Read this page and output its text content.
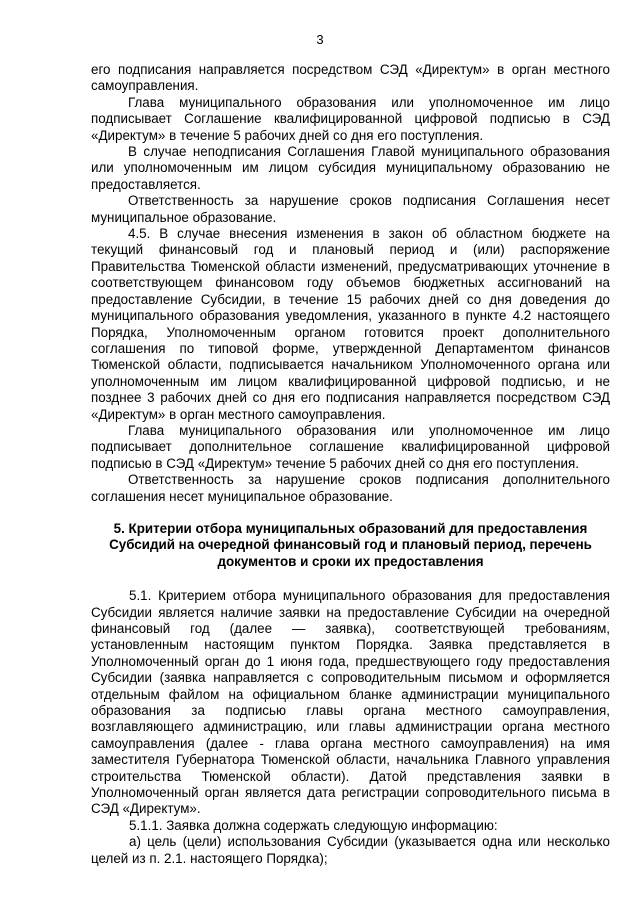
3

его подписания направляется посредством СЭД «Директум» в орган местного самоуправления.

Глава муниципального образования или уполномоченное им лицо подписывает Соглашение квалифицированной цифровой подписью в СЭД «Директум» в течение 5 рабочих дней со дня его поступления.

В случае неподписания Соглашения Главой муниципального образования или уполномоченным им лицом субсидия муниципальному образованию не предоставляется.

Ответственность за нарушение сроков подписания Соглашения несет муниципальное образование.

4.5. В случае внесения изменения в закон об областном бюджете на текущий финансовый год и плановый период и (или) распоряжение Правительства Тюменской области изменений, предусматривающих уточнение в соответствующем финансовом году объемов бюджетных ассигнований на предоставление Субсидии, в течение 15 рабочих дней со дня доведения до муниципального образования уведомления, указанного в пункте 4.2 настоящего Порядка, Уполномоченным органом готовится проект дополнительного соглашения по типовой форме, утвержденной Департаментом финансов Тюменской области, подписывается начальником Уполномоченного органа или уполномоченным им лицом квалифицированной цифровой подписью, и не позднее 3 рабочих дней со дня его подписания направляется посредством СЭД «Директум» в орган местного самоуправления.

Глава муниципального образования или уполномоченное им лицо подписывает дополнительное соглашение квалифицированной цифровой подписью в СЭД «Директум» течение 5 рабочих дней со дня его поступления.

Ответственность за нарушение сроков подписания дополнительного соглашения несет муниципальное образование.

5. Критерии отбора муниципальных образований для предоставления
Субсидий на очередной финансовый год и плановый период, перечень
документов и сроки их предоставления

5.1. Критерием отбора муниципального образования для предоставления Субсидии является наличие заявки на предоставление Субсидии на очередной финансовый год (далее — заявка), соответствующей требованиям, установленным настоящим пунктом Порядка. Заявка представляется в Уполномоченный орган до 1 июня года, предшествующего году предоставления Субсидии (заявка направляется с сопроводительным письмом и оформляется отдельным файлом на официальном бланке администрации муниципального образования за подписью главы органа местного самоуправления, возглавляющего администрацию, или главы администрации органа местного самоуправления (далее - глава органа местного самоуправления) на имя заместителя Губернатора Тюменской области, начальника Главного управления строительства Тюменской области). Датой представления заявки в Уполномоченный орган является дата регистрации сопроводительного письма в СЭД «Директум».

5.1.1. Заявка должна содержать следующую информацию:

а) цель (цели) использования Субсидии (указывается одна или несколько целей из п. 2.1. настоящего Порядка);
